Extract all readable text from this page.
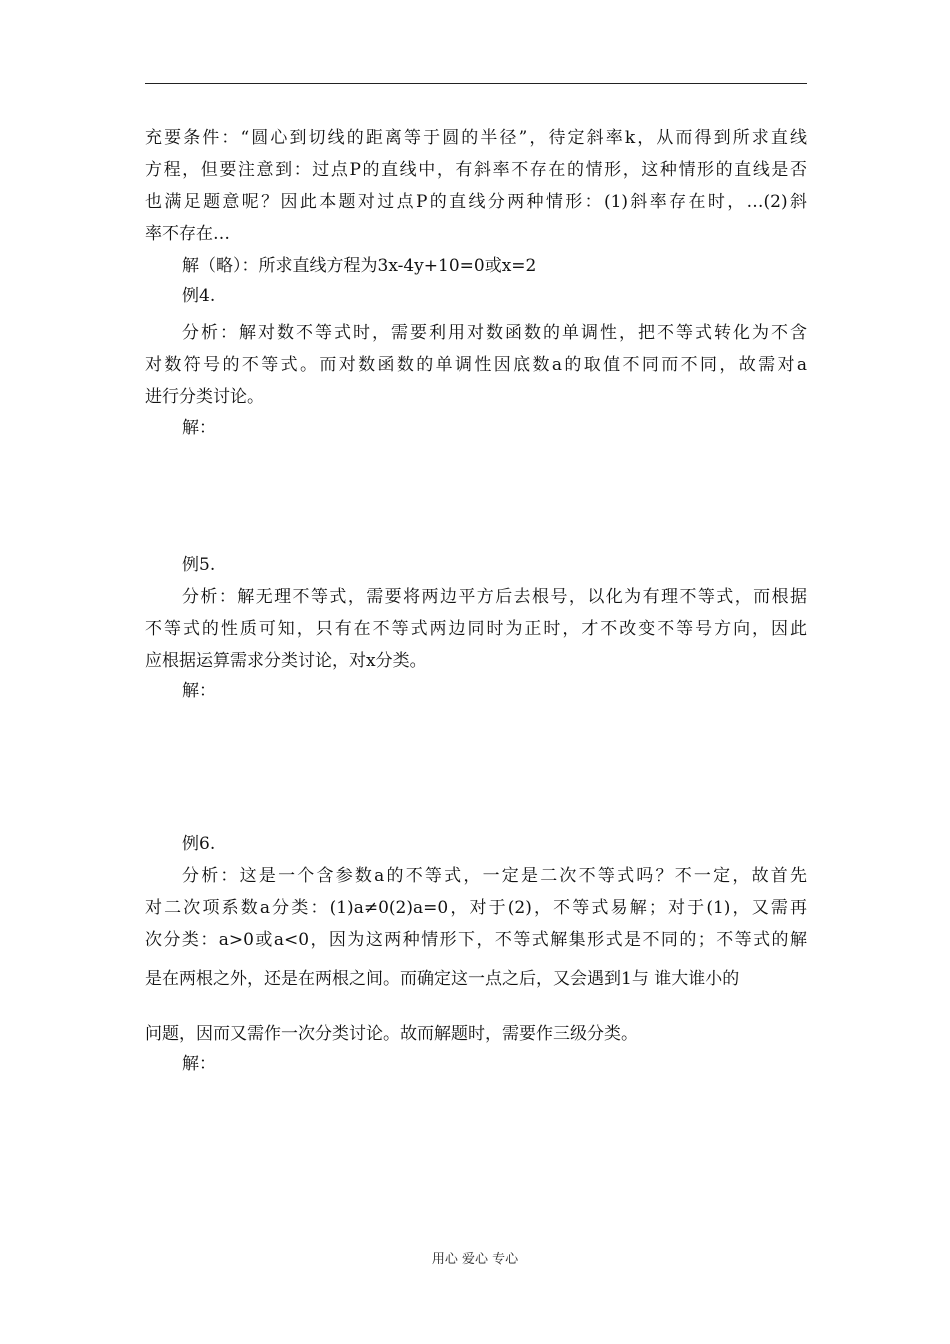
充要条件：“圆心到切线的距离等于圆的半径”，待定斜率k，从而得到所求直线
方程，但要注意到：过点P的直线中，有斜率不存在的情形，这种情形的直线是否
也满足题意呢？因此本题对过点P的直线分两种情形：(1)斜率存在时，…(2)斜
率不存在…
解（略）：所求直线方程为3x-4y+10=0或x=2
例4.
分析：解对数不等式时，需要利用对数函数的单调性，把不等式转化为不含
对数符号的不等式。而对数函数的单调性因底数a的取值不同而不同，故需对a
进行分类讨论。
解：
例5.
分析：解无理不等式，需要将两边平方后去根号，以化为有理不等式，而根据
不等式的性质可知，只有在不等式两边同时为正时，才不改变不等号方向，因此
应根据运算需求分类讨论，对x分类。
解：
例6.
分析：这是一个含参数a的不等式，一定是二次不等式吗？不一定，故首先
对二次项系数a分类：(1)a≠0(2)a=0，对于(2)，不等式易解；对于(1)，又需再
次分类：a>0或a<0，因为这两种情形下，不等式解集形式是不同的；不等式的解
是在两根之外，还是在两根之间。而确定这一点之后，又会遇到1与 谁大谁小的
问题，因而又需作一次分类讨论。故而解题时，需要作三级分类。
解：
用心 爱心 专心
